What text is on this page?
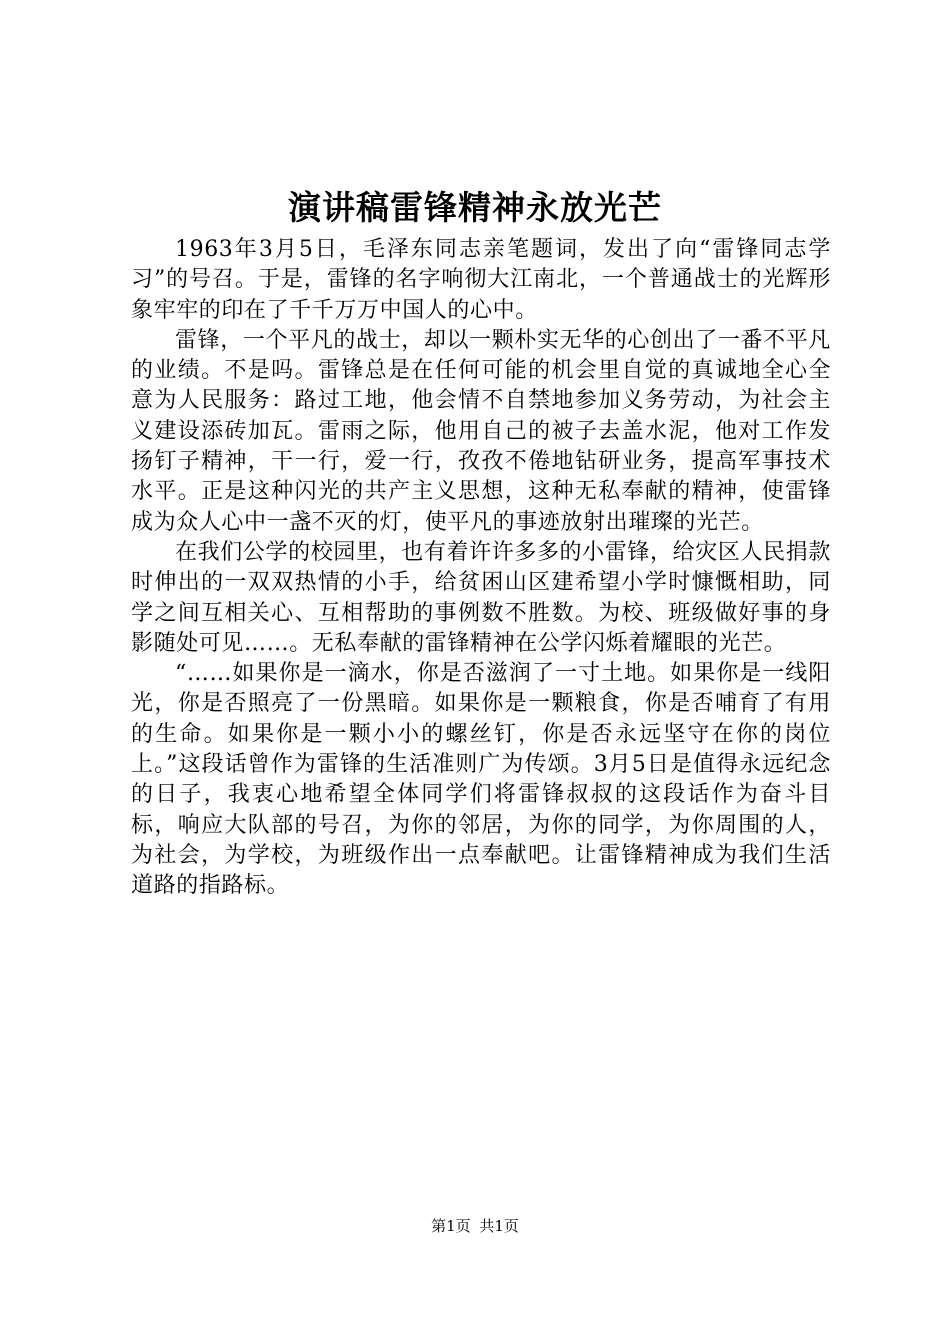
演讲稿雷锋精神永放光芒

1963年3月5日，毛泽东同志亲笔题词，发出了向“雷锋同志学习”的号召。于是，雷锋的名字响彻大江南北，一个普通战士的光辉形象牢牢的印在了千千万万中国人的心中。

雷锋，一个平凡的战士，却以一颗朴实无华的心创出了一番不平凡的业绩。不是吗。雷锋总是在任何可能的机会里自觉的真诚地全心全意为人民服务：路过工地，他会情不自禁地参加义务劳动，为社会主义建设添砖加瓦。雷雨之际，他用自己的被子去盖水泥，他对工作发扬钉子精神，干一行，爱一行，孜孜不倦地钻研业务，提高军事技术水平。正是这种闪光的共产主义思想，这种无私奉献的精神，使雷锋成为众人心中一盏不灭的灯，使平凡的事迹放射出璀璨的光芒。

在我们公学的校园里，也有着许许多多的小雷锋，给灾区人民捐款时伸出的一双双热情的小手，给贫困山区建希望小学时慷慨相助，同学之间互相关心、互相帮助的事例数不胜数。为校、班级做好事的身影随处可见……。无私奉献的雷锋精神在公学闪烁着耀眼的光芒。

“……如果你是一滴水，你是否滋润了一寸土地。如果你是一线阳光，你是否照亮了一份黑暗。如果你是一颗粮食，你是否哺育了有用的生命。如果你是一颗小小的螺丝钉，你是否永远坚守在你的岗位上。”这段话曾作为雷锋的生活准则广为传颂。3月5日是值得永远纪念的日子，我衷心地希望全体同学们将雷锋叔叔的这段话作为奋斗目标，响应大队部的号召，为你的邻居，为你的同学，为你周围的人，为社会，为学校，为班级作出一点奉献吧。让雷锋精神成为我们生活道路的指路标。

第1页 共1页
